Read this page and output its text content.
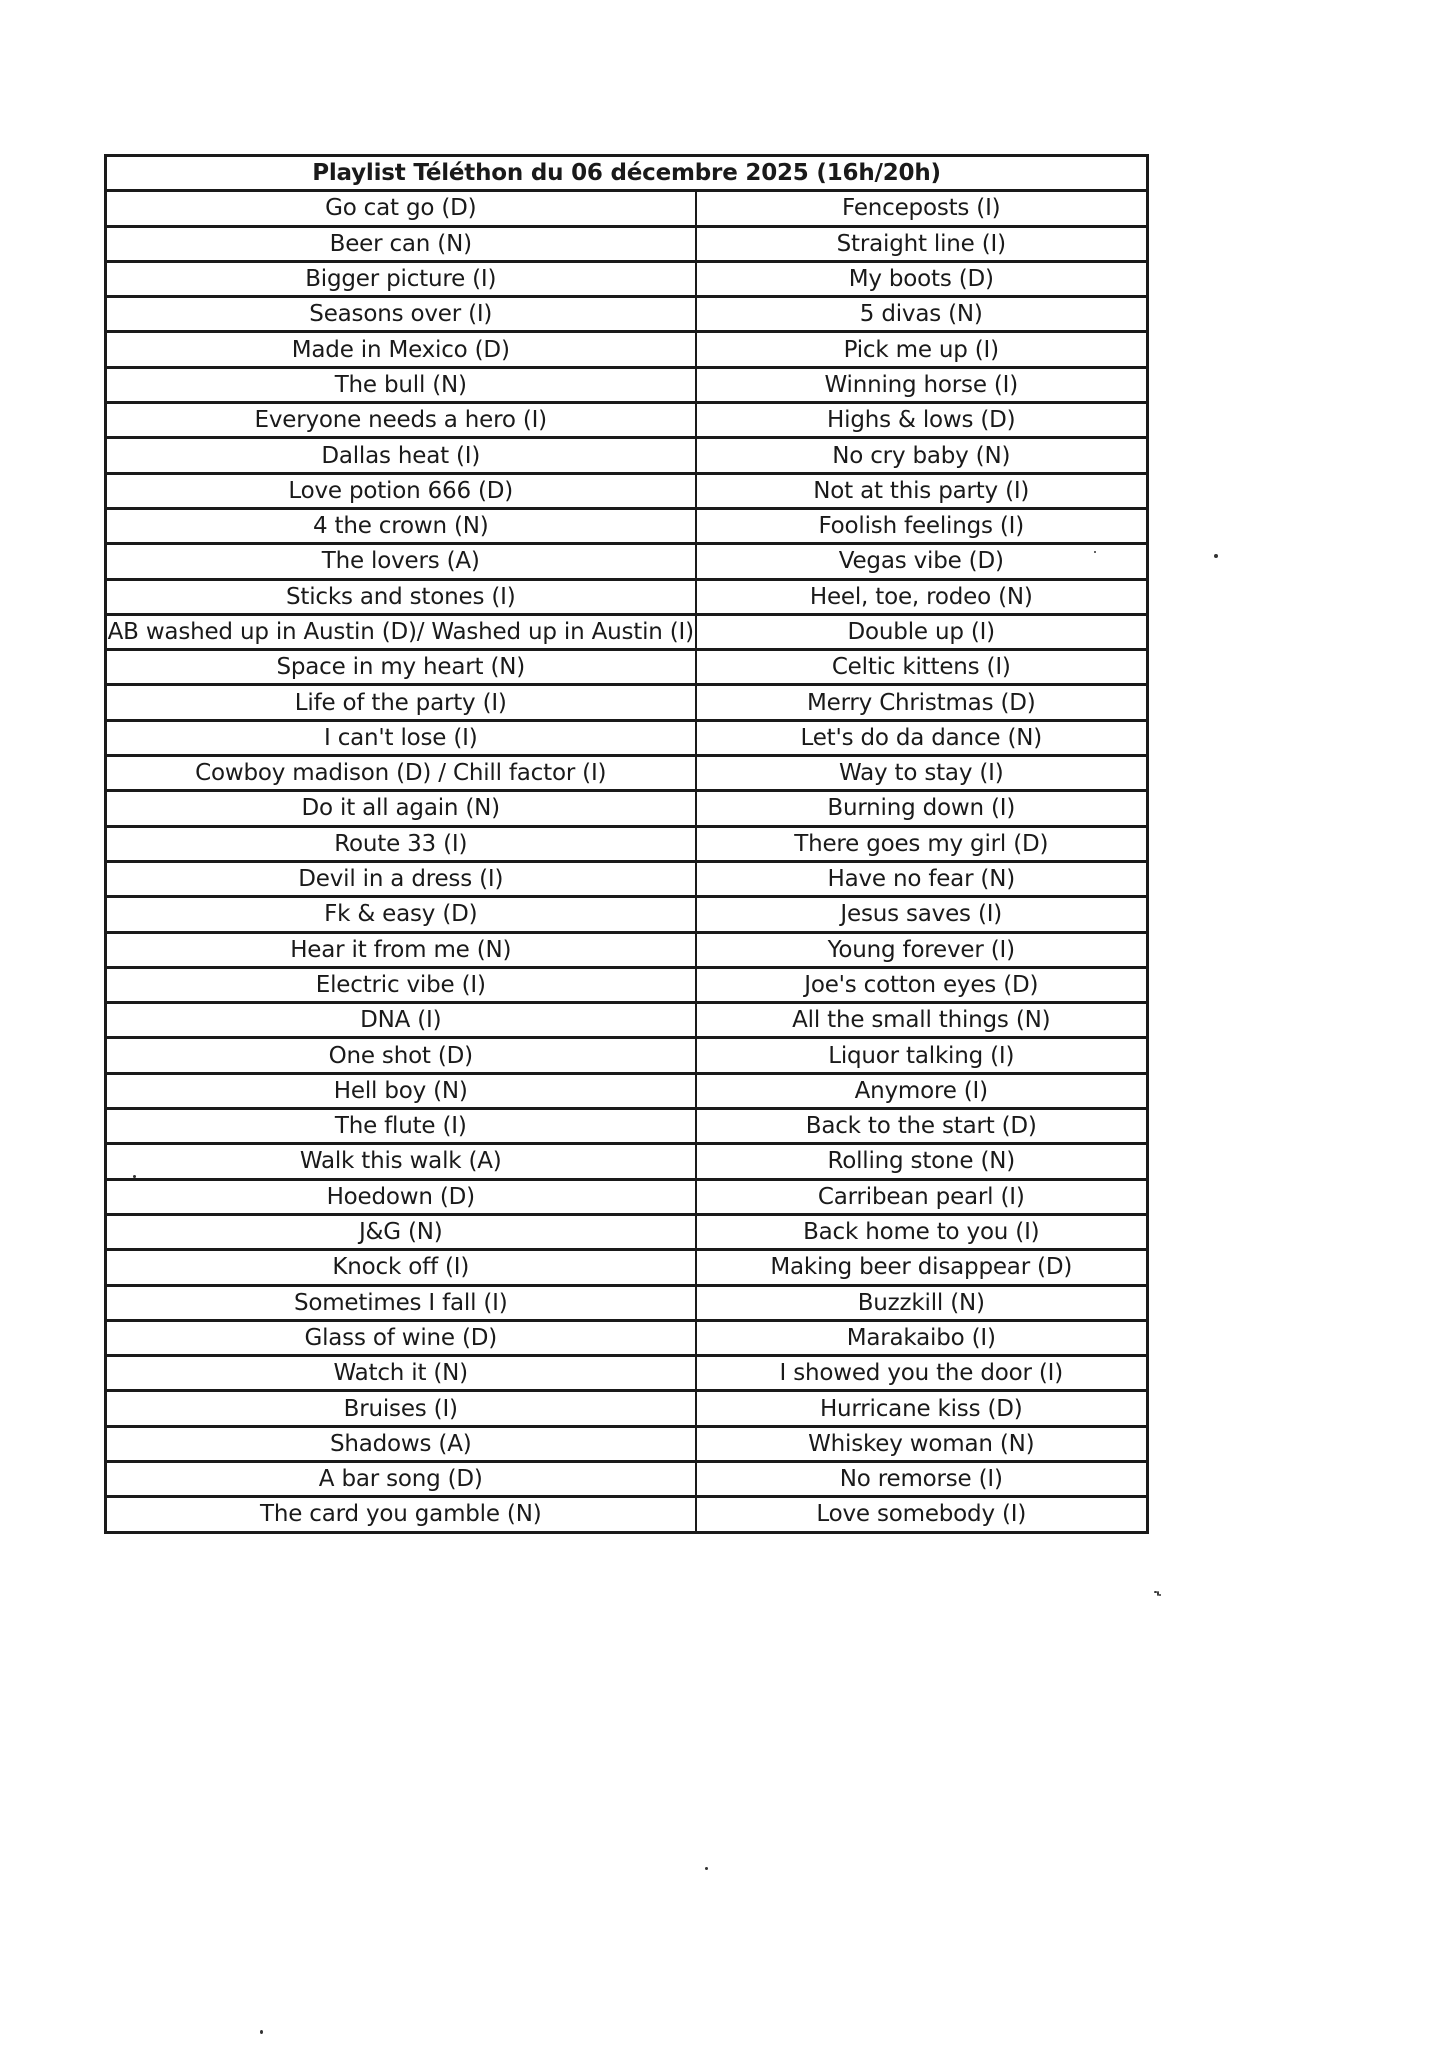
Playlist Téléthon du 06 décembre 2025 (16h/20h)	
Go cat go (D)	Fenceposts (I)
Beer can (N)	Straight line (I)
Bigger picture (I)	My boots (D)
Seasons over (I)	5 divas (N)
Made in Mexico (D)	Pick me up (I)
The bull (N)	Winning horse (I)
Everyone needs a hero (I)	Highs & lows (D)
Dallas heat (I)	No cry baby (N)
Love potion 666 (D)	Not at this party (I)
4 the crown (N)	Foolish feelings (I)
The lovers (A)	Vegas vibe (D)
Sticks and stones (I)	Heel, toe, rodeo (N)
AB washed up in Austin (D)/ Washed up in Austin (I)	Double up (I)
Space in my heart (N)	Celtic kittens (I)
Life of the party (I)	Merry Christmas (D)
I can't lose (I)	Let's do da dance (N)
Cowboy madison (D) / Chill factor (I)	Way to stay (I)
Do it all again (N)	Burning down (I)
Route 33 (I)	There goes my girl (D)
Devil in a dress (I)	Have no fear (N)
Fk & easy (D)	Jesus saves (I)
Hear it from me (N)	Young forever (I)
Electric vibe (I)	Joe's cotton eyes (D)
DNA (I)	All the small things (N)
One shot (D)	Liquor talking (I)
Hell boy (N)	Anymore (I)
The flute (I)	Back to the start (D)
Walk this walk (A)	Rolling stone (N)
Hoedown (D)	Carribean pearl (I)
J&G (N)	Back home to you (I)
Knock off (I)	Making beer disappear (D)
Sometimes I fall (I)	Buzzkill (N)
Glass of wine (D)	Marakaibo (I)
Watch it (N)	I showed you the door (I)
Bruises (I)	Hurricane kiss (D)
Shadows (A)	Whiskey woman (N)
A bar song (D)	No remorse (I)
The card you gamble (N)	Love somebody (I)
